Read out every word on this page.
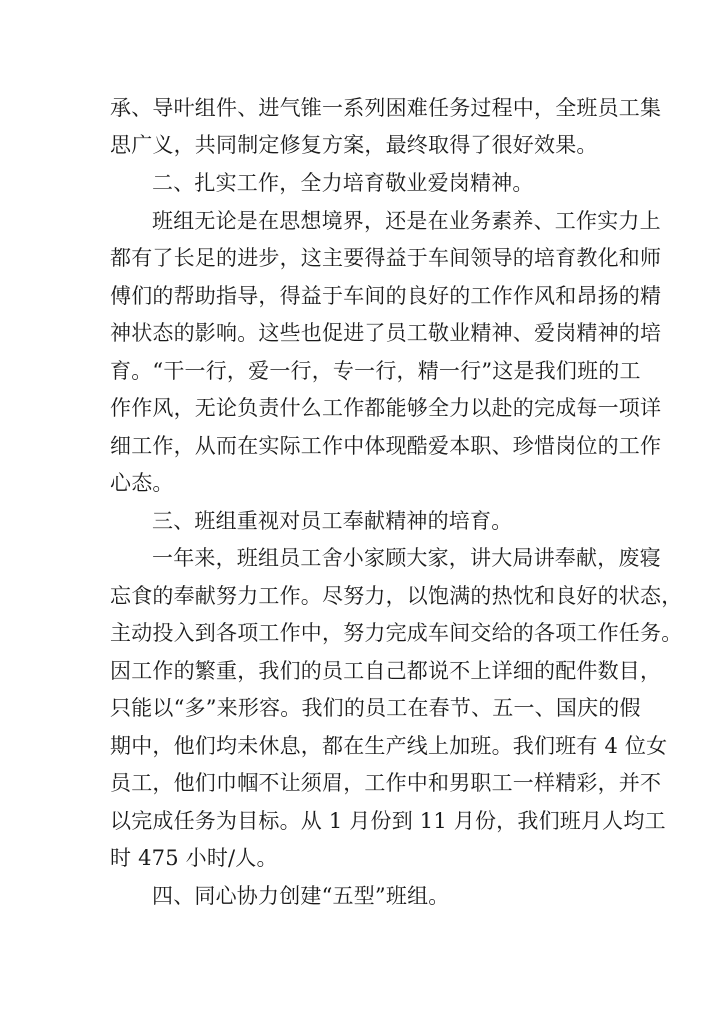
承、导叶组件、进气锥一系列困难任务过程中，全班员工集
思广义，共同制定修复方案，最终取得了很好效果。
二、扎实工作，全力培育敬业爱岗精神。
班组无论是在思想境界，还是在业务素养、工作实力上
都有了长足的进步，这主要得益于车间领导的培育教化和师
傅们的帮助指导，得益于车间的良好的工作作风和昂扬的精
神状态的影响。这些也促进了员工敬业精神、爱岗精神的培
育。“干一行，爱一行，专一行，精一行”这是我们班的工
作作风，无论负责什么工作都能够全力以赴的完成每一项详
细工作，从而在实际工作中体现酷爱本职、珍惜岗位的工作
心态。
三、班组重视对员工奉献精神的培育。
一年来，班组员工舍小家顾大家，讲大局讲奉献，废寝
忘食的奉献努力工作。尽努力，以饱满的热忱和良好的状态，
主动投入到各项工作中，努力完成车间交给的各项工作任务。
因工作的繁重，我们的员工自己都说不上详细的配件数目，
只能以“多”来形容。我们的员工在春节、五一、国庆的假
期中，他们均未休息，都在生产线上加班。我们班有 4 位女
员工，他们巾帼不让须眉，工作中和男职工一样精彩，并不
以完成任务为目标。从 1 月份到 11 月份，我们班月人均工
时 475 小时/人。
四、同心协力创建“五型”班组。
